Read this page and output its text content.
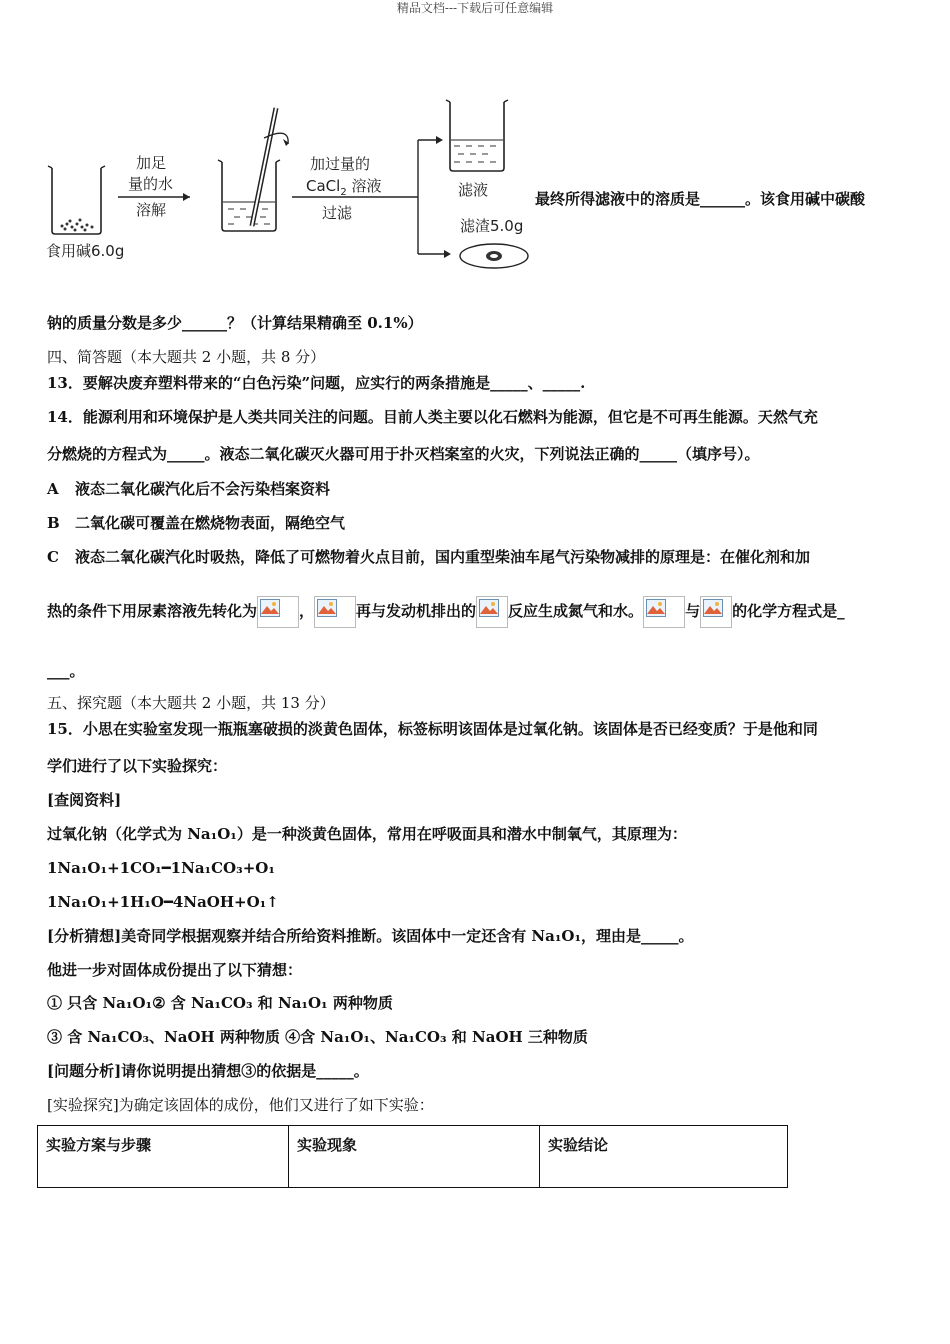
精品文档---下载后可任意编辑
食用碱6.0g
加足
量的水
溶解
加过量的
CaCl$_2$ 溶液
过滤
滤液
滤渣5.0g
最终所得滤液中的溶质是______。该食用碱中碳酸
钠的质量分数是多少______？（计算结果精确至 0.1%）
四、简答题（本大题共 2 小题，共 8 分）
13．要解决废弃塑料带来的“白色污染”问题，应实行的两条措施是_____、_____.
14．能源利用和环境保护是人类共同关注的问题。目前人类主要以化石燃料为能源，但它是不可再生能源。天然气充
分燃烧的方程式为_____。液态二氧化碳灭火器可用于扑灭档案室的火灾，下列说法正确的_____（填序号）。
A 液态二氧化碳汽化后不会污染档案资料
B 二氧化碳可覆盖在燃烧物表面，隔绝空气
C 液态二氧化碳汽化时吸热，降低了可燃物着火点目前，国内重型柴油车尾气污染物减排的原理是：在催化剂和加
热的条件下用尿素溶液先转化为	，	再与发动机排出的 反应生成氮气和水。	与 的化学方程式是_
___。
五、探究题（本大题共 2 小题，共 13 分）
15．小思在实验室发现一瓶瓶塞破损的淡黄色固体，标签标明该固体是过氧化钠。该固体是否已经变质？于是他和同
学们进行了以下实验探究：
[查阅资料]
过氧化钠（化学式为 Na₁O₁）是一种淡黄色固体，常用在呼吸面具和潜水中制氧气，其原理为：
1Na₁O₁+1CO₁━1Na₁CO₃+O₁
1Na₁O₁+1H₁O━4NaOH+O₁↑
[分析猜想]美奇同学根据观察并结合所给资料推断。该固体中一定还含有 Na₁O₁，理由是_____。
他进一步对固体成份提出了以下猜想：
① 只含 Na₁O₁② 含 Na₁CO₃ 和 Na₁O₁ 两种物质
③ 含 Na₁CO₃、NaOH 两种物质 ④含 Na₁O₁、Na₁CO₃ 和 NaOH 三种物质
[问题分析]请你说明提出猜想③的依据是_____。
[实验探究]为确定该固体的成份，他们又进行了如下实验：
实验方案与步骤	实验现象	实验结论
